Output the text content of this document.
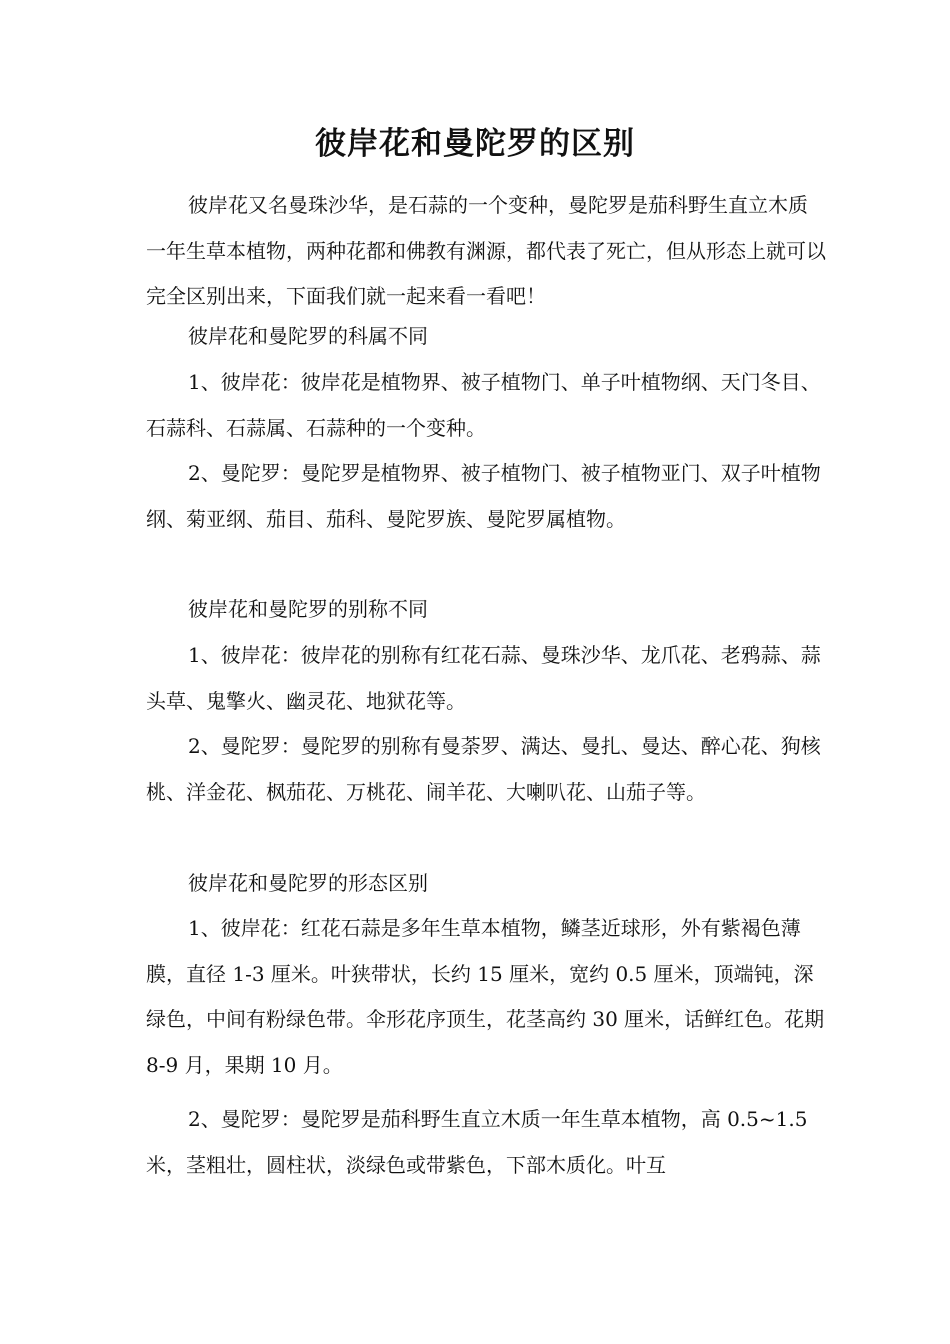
彼岸花和曼陀罗的区别

彼岸花又名曼珠沙华，是石蒜的一个变种，曼陀罗是茄科野生直立木质一年生草本植物，两种花都和佛教有渊源，都代表了死亡，但从形态上就可以完全区别出来，下面我们就一起来看一看吧！

彼岸花和曼陀罗的科属不同

1、彼岸花：彼岸花是植物界、被子植物门、单子叶植物纲、天门冬目、石蒜科、石蒜属、石蒜种的一个变种。

2、曼陀罗：曼陀罗是植物界、被子植物门、被子植物亚门、双子叶植物纲、菊亚纲、茄目、茄科、曼陀罗族、曼陀罗属植物。

彼岸花和曼陀罗的别称不同

1、彼岸花：彼岸花的别称有红花石蒜、曼珠沙华、龙爪花、老鸦蒜、蒜头草、鬼擎火、幽灵花、地狱花等。

2、曼陀罗：曼陀罗的别称有曼荼罗、满达、曼扎、曼达、醉心花、狗核桃、洋金花、枫茄花、万桃花、闹羊花、大喇叭花、山茄子等。

彼岸花和曼陀罗的形态区别

1、彼岸花：红花石蒜是多年生草本植物，鳞茎近球形，外有紫褐色薄膜，直径 1-3 厘米。叶狭带状，长约 15 厘米，宽约 0.5 厘米，顶端钝，深绿色，中间有粉绿色带。伞形花序顶生，花茎高约 30 厘米，话鲜红色。花期 8-9 月，果期 10 月。

2、曼陀罗：曼陀罗是茄科野生直立木质一年生草本植物，高 0.5~1.5 米，茎粗壮，圆柱状，淡绿色或带紫色，下部木质化。叶互
